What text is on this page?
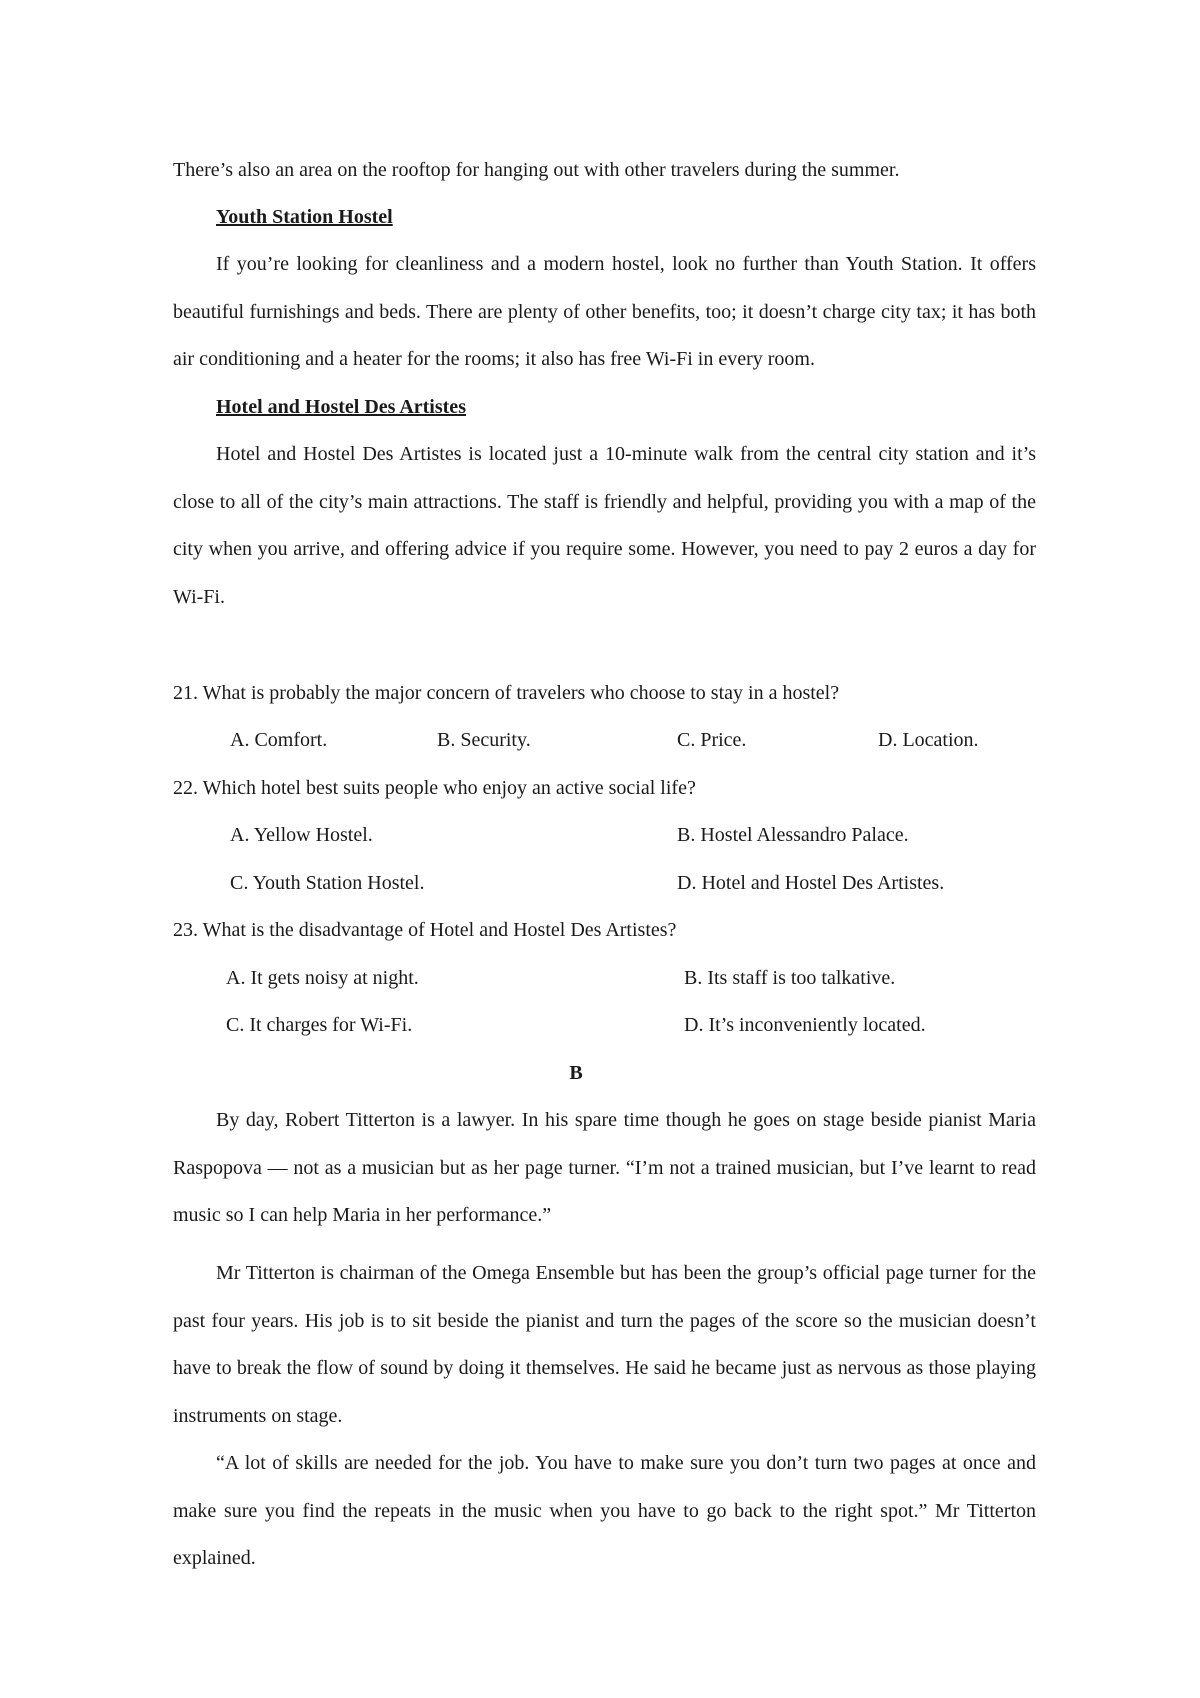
There’s also an area on the rooftop for hanging out with other travelers during the summer.

Youth Station Hostel

If you’re looking for cleanliness and a modern hostel, look no further than Youth Station. It offers beautiful furnishings and beds. There are plenty of other benefits, too; it doesn’t charge city tax; it has both air conditioning and a heater for the rooms; it also has free Wi-Fi in every room.

Hotel and Hostel Des Artistes

Hotel and Hostel Des Artistes is located just a 10-minute walk from the central city station and it’s close to all of the city’s main attractions. The staff is friendly and helpful, providing you with a map of the city when you arrive, and offering advice if you require some. However, you need to pay 2 euros a day for Wi-Fi.

21. What is probably the major concern of travelers who choose to stay in a hostel?

A. Comfort.	B. Security.	C. Price.	D. Location.

22. Which hotel best suits people who enjoy an active social life?

A. Yellow Hostel.	B. Hostel Alessandro Palace.

C. Youth Station Hostel.	D. Hotel and Hostel Des Artistes.

23. What is the disadvantage of Hotel and Hostel Des Artistes?

A. It gets noisy at night.	B. Its staff is too talkative.

C. It charges for Wi-Fi.	D. It’s inconveniently located.

B

By day, Robert Titterton is a lawyer. In his spare time though he goes on stage beside pianist Maria Raspopova — not as a musician but as her page turner. “I’m not a trained musician, but I’ve learnt to read music so I can help Maria in her performance.”

Mr Titterton is chairman of the Omega Ensemble but has been the group’s official page turner for the past four years. His job is to sit beside the pianist and turn the pages of the score so the musician doesn’t have to break the flow of sound by doing it themselves. He said he became just as nervous as those playing instruments on stage.

“A lot of skills are needed for the job. You have to make sure you don’t turn two pages at once and make sure you find the repeats in the music when you have to go back to the right spot.” Mr Titterton explained.
